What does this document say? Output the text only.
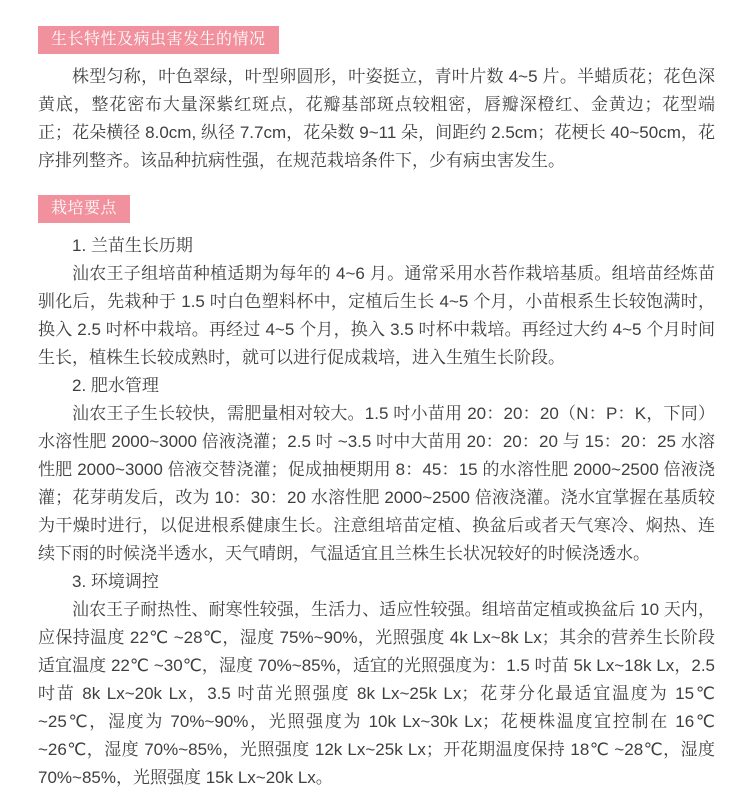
生长特性及病虫害发生的情况

株型匀称，叶色翠绿，叶型卵圆形，叶姿挺立，青叶片数 4~5 片。半蜡质花；花色深黄底，整花密布大量深紫红斑点，花瓣基部斑点较粗密，唇瓣深橙红、金黄边；花型端正；花朵横径 8.0cm, 纵径 7.7cm，花朵数 9~11 朵，间距约 2.5cm；花梗长 40~50cm，花序排列整齐。该品种抗病性强，在规范栽培条件下，少有病虫害发生。

栽培要点
1. 兰苗生长历期

汕农王子组培苗种植适期为每年的 4~6 月。通常采用水苔作栽培基质。组培苗经炼苗驯化后，先栽种于 1.5 吋白色塑料杯中，定植后生长 4~5 个月，小苗根系生长较饱满时，换入 2.5 吋杯中栽培。再经过 4~5 个月，换入 3.5 吋杯中栽培。再经过大约 4~5 个月时间生长，植株生长较成熟时，就可以进行促成栽培，进入生殖生长阶段。

2. 肥水管理

汕农王子生长较快，需肥量相对较大。1.5 吋小苗用 20：20：20（N：P：K，下同）水溶性肥 2000~3000 倍液浇灌；2.5 吋 ~3.5 吋中大苗用 20：20：20 与 15：20：25 水溶性肥 2000~3000 倍液交替浇灌；促成抽梗期用 8：45：15 的水溶性肥 2000~2500 倍液浇灌；花芽萌发后，改为 10：30：20 水溶性肥 2000~2500 倍液浇灌。浇水宜掌握在基质较为干燥时进行，以促进根系健康生长。注意组培苗定植、换盆后或者天气寒冷、焖热、连续下雨的时候浇半透水，天气晴朗，气温适宜且兰株生长状况较好的时候浇透水。

3. 环境调控

汕农王子耐热性、耐寒性较强，生活力、适应性较强。组培苗定植或换盆后 10 天内，应保持温度 22℃ ~28℃，湿度 75%~90%，光照强度 4k Lx~8k Lx；其余的营养生长阶段适宜温度 22℃ ~30℃，湿度 70%~85%，适宜的光照强度为：1.5 吋苗 5k Lx~18k Lx，2.5 吋苗 8k Lx~20k Lx，3.5 吋苗光照强度 8k Lx~25k Lx；花芽分化最适宜温度为 15℃ ~25℃，湿度为 70%~90%，光照强度为 10k Lx~30k Lx；花梗株温度宜控制在 16℃ ~26℃，湿度 70%~85%，光照强度 12k Lx~25k Lx；开花期温度保持 18℃ ~28℃，湿度 70%~85%，光照强度 15k Lx~20k Lx。
